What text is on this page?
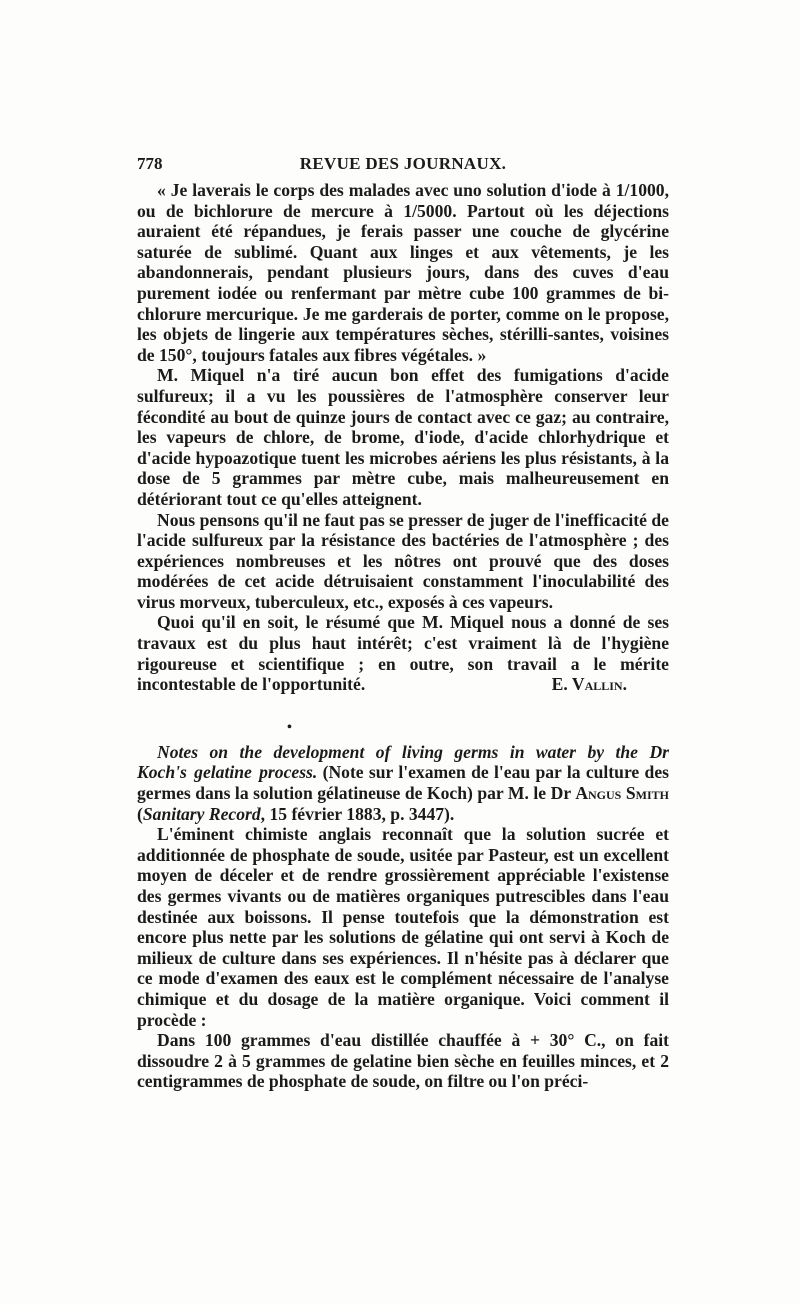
778	REVUE DES JOURNAUX.

« Je laverais le corps des malades avec uno solution d'iode à 1/1000, ou de bichlorure de mercure à 1/5000. Partout où les déjections auraient été répandues, je ferais passer une couche de glycérine saturée de sublimé. Quant aux linges et aux vêtements, je les abandonnerais, pendant plusieurs jours, dans des cuves d'eau purement iodée ou renfermant par mètre cube 100 grammes de bi-chlorure mercurique. Je me garderais de porter, comme on le propose, les objets de lingerie aux températures sèches, stérilli-santes, voisines de 150°, toujours fatales aux fibres végétales. »

M. Miquel n'a tiré aucun bon effet des fumigations d'acide sulfureux; il a vu les poussières de l'atmosphère conserver leur fécondité au bout de quinze jours de contact avec ce gaz; au contraire, les vapeurs de chlore, de brome, d'iode, d'acide chlorhydrique et d'acide hypoazotique tuent les microbes aériens les plus résistants, à la dose de 5 grammes par mètre cube, mais malheureusement en détériorant tout ce qu'elles atteignent.

Nous pensons qu'il ne faut pas se presser de juger de l'inefficacité de l'acide sulfureux par la résistance des bactéries de l'atmosphère ; des expériences nombreuses et les nôtres ont prouvé que des doses modérées de cet acide détruisaient constamment l'inoculabilité des virus morveux, tuberculeux, etc., exposés à ces vapeurs.

Quoi qu'il en soit, le résumé que M. Miquel nous a donné de ses travaux est du plus haut intérêt; c'est vraiment là de l'hygiène rigoureuse et scientifique ; en outre, son travail a le mérite incontestable de l'opportunité.	E. Vallin.

•

Notes on the development of living germs in water by the Dr Koch's gelatine process. (Note sur l'examen de l'eau par la culture des germes dans la solution gélatineuse de Koch) par M. le Dr Angus Smith (Sanitary Record, 15 février 1883, p. 3447).

L'éminent chimiste anglais reconnaît que la solution sucrée et additionnée de phosphate de soude, usitée par Pasteur, est un excellent moyen de déceler et de rendre grossièrement appréciable l'existense des germes vivants ou de matières organiques putrescibles dans l'eau destinée aux boissons. Il pense toutefois que la démonstration est encore plus nette par les solutions de gélatine qui ont servi à Koch de milieux de culture dans ses expériences. Il n'hésite pas à déclarer que ce mode d'examen des eaux est le complément nécessaire de l'analyse chimique et du dosage de la matière organique. Voici comment il procède :

Dans 100 grammes d'eau distillée chauffée à + 30° C., on fait dissoudre 2 à 5 grammes de gelatine bien sèche en feuilles minces, et 2 centigrammes de phosphate de soude, on filtre ou l'on préci-
